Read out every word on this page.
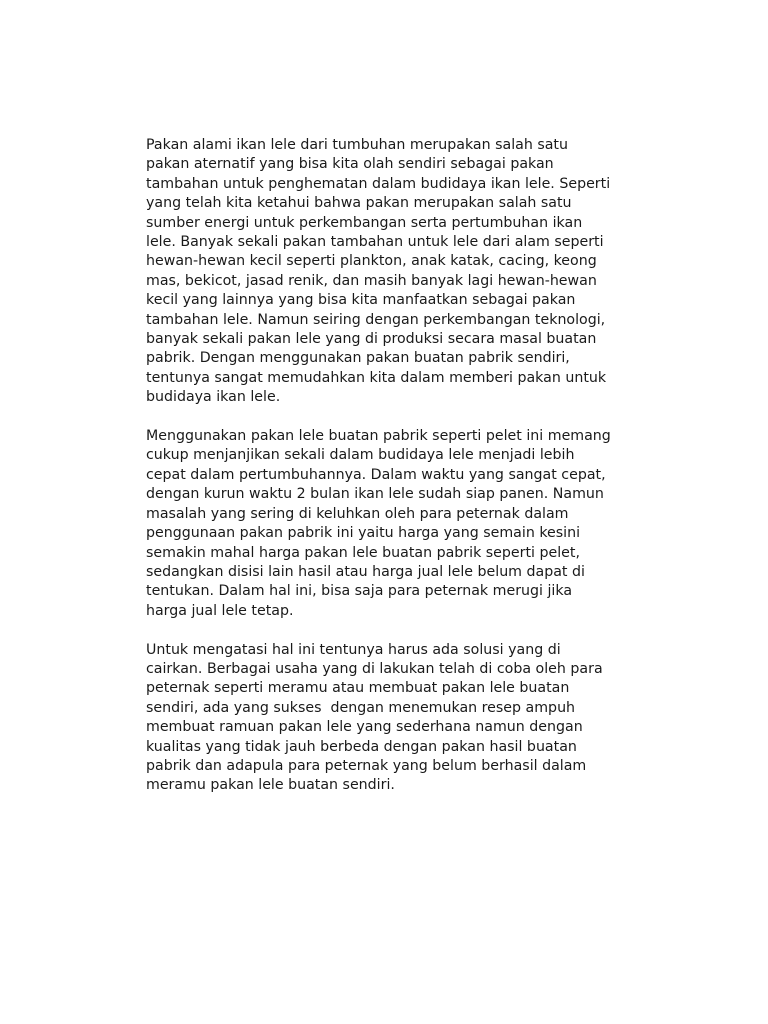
Pakan alami ikan lele dari tumbuhan merupakan salah satu
pakan aternatif yang bisa kita olah sendiri sebagai pakan
tambahan untuk penghematan dalam budidaya ikan lele. Seperti
yang telah kita ketahui bahwa pakan merupakan salah satu
sumber energi untuk perkembangan serta pertumbuhan ikan
lele. Banyak sekali pakan tambahan untuk lele dari alam seperti
hewan-hewan kecil seperti plankton, anak katak, cacing, keong
mas, bekicot, jasad renik, dan masih banyak lagi hewan-hewan
kecil yang lainnya yang bisa kita manfaatkan sebagai pakan
tambahan lele. Namun seiring dengan perkembangan teknologi,
banyak sekali pakan lele yang di produksi secara masal buatan
pabrik. Dengan menggunakan pakan buatan pabrik sendiri,
tentunya sangat memudahkan kita dalam memberi pakan untuk
budidaya ikan lele.

Menggunakan pakan lele buatan pabrik seperti pelet ini memang
cukup menjanjikan sekali dalam budidaya lele menjadi lebih
cepat dalam pertumbuhannya. Dalam waktu yang sangat cepat,
dengan kurun waktu 2 bulan ikan lele sudah siap panen. Namun
masalah yang sering di keluhkan oleh para peternak dalam
penggunaan pakan pabrik ini yaitu harga yang semain kesini
semakin mahal harga pakan lele buatan pabrik seperti pelet,
sedangkan disisi lain hasil atau harga jual lele belum dapat di
tentukan. Dalam hal ini, bisa saja para peternak merugi jika
harga jual lele tetap.

Untuk mengatasi hal ini tentunya harus ada solusi yang di
cairkan. Berbagai usaha yang di lakukan telah di coba oleh para
peternak seperti meramu atau membuat pakan lele buatan
sendiri, ada yang sukses  dengan menemukan resep ampuh
membuat ramuan pakan lele yang sederhana namun dengan
kualitas yang tidak jauh berbeda dengan pakan hasil buatan
pabrik dan adapula para peternak yang belum berhasil dalam
meramu pakan lele buatan sendiri.
